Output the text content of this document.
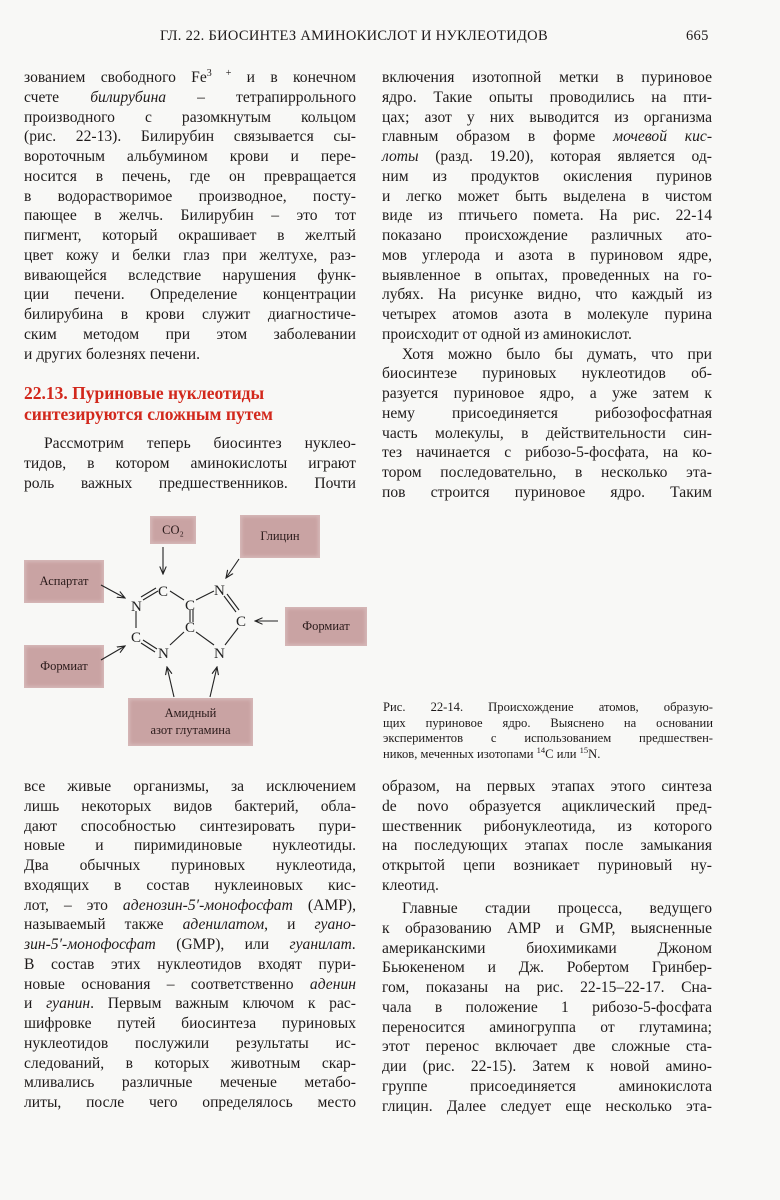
ГЛ. 22. БИОСИНТЕЗ АМИНОКИСЛОТ И НУКЛЕОТИДОВ	665
зованием свободного $Fe^{3 +}$ и в конечном
счете билирубина – тетрапиррольного
производного с разомкнутым кольцом
(рис. 22-13). Билирубин связывается сы-
вороточным альбумином крови и пере-
носится в печень, где он превращается
в водорастворимое производное, посту-
пающее в желчь. Билирубин – это тот
пигмент, который окрашивает в желтый
цвет кожу и белки глаз при желтухе, раз-
вивающейся вследствие нарушения функ-
ции печени. Определение концентрации
билирубина в крови служит диагностиче-
ским методом при этом заболевании
и других болезнях печени.
22.13. Пуриновые нуклеотиды
синтезируются сложным путем
Рассмотрим теперь биосинтез нуклео-
тидов, в котором аминокислоты играют
роль важных предшественников. Почти
CO₂	Глицин
Аспартат
Формиат
Формиат
Амидный
азот глутамина
N
C
C
N
C
N
C
N
C
Рис. 22-14. Происхождение атомов, образую-
щих пуриновое ядро. Выяснено на основании
экспериментов с использованием предшествен-
ников, меченных изотопами $^{14}$C или $^{15}$N.
все живые организмы, за исключением
лишь некоторых видов бактерий, обла-
дают способностью синтезировать пури-
новые и пиримидиновые нуклеотиды.
Два обычных пуриновых нуклеотида,
входящих в состав нуклеиновых кис-
лот, – это аденозин-5′-монофосфат (AMP),
называемый также аденилатом, и гуано-
зин-5′-монофосфат (GMP), или гуанилат.
В состав этих нуклеотидов входят пури-
новые основания – соответственно аденин
и гуанин. Первым важным ключом к рас-
шифровке путей биосинтеза пуриновых
нуклеотидов послужили результаты ис-
следований, в которых животным скар-
мливались различные меченые метабо-
литы, после чего определялось место
включения изотопной метки в пуриновое
ядро. Такие опыты проводились на пти-
цах; азот у них выводится из организма
главным образом в форме мочевой кис-
лоты (разд. 19.20), которая является од-
ним из продуктов окисления пуринов
и легко может быть выделена в чистом
виде из птичьего помета. На рис. 22-14
показано происхождение различных ато-
мов углерода и азота в пуриновом ядре,
выявленное в опытах, проведенных на го-
лубях. На рисунке видно, что каждый из
четырех атомов азота в молекуле пурина
происходит от одной из аминокислот.
Хотя можно было бы думать, что при
биосинтезе пуриновых нуклеотидов об-
разуется пуриновое ядро, а уже затем к
нему присоединяется рибозофосфатная
часть молекулы, в действительности син-
тез начинается с рибозо-5-фосфата, на ко-
тором последовательно, в несколько эта-
пов строится пуриновое ядро. Таким
образом, на первых этапах этого синтеза
de novo образуется ациклический пред-
шественник рибонуклеотида, из которого
на последующих этапах после замыкания
открытой цепи возникает пуриновый ну-
клеотид.
Главные стадии процесса, ведущего
к образованию AMP и GMP, выясненные
американскими биохимиками Джоном
Бьюкененом и Дж. Робертом Гринбер-
гом, показаны на рис. 22-15–22-17. Сна-
чала в положение 1 рибозо-5-фосфата
переносится аминогруппа от глутамина;
этот перенос включает две сложные ста-
дии (рис. 22-15). Затем к новой амино-
группе присоединяется аминокислота
глицин. Далее следует еще несколько эта-
